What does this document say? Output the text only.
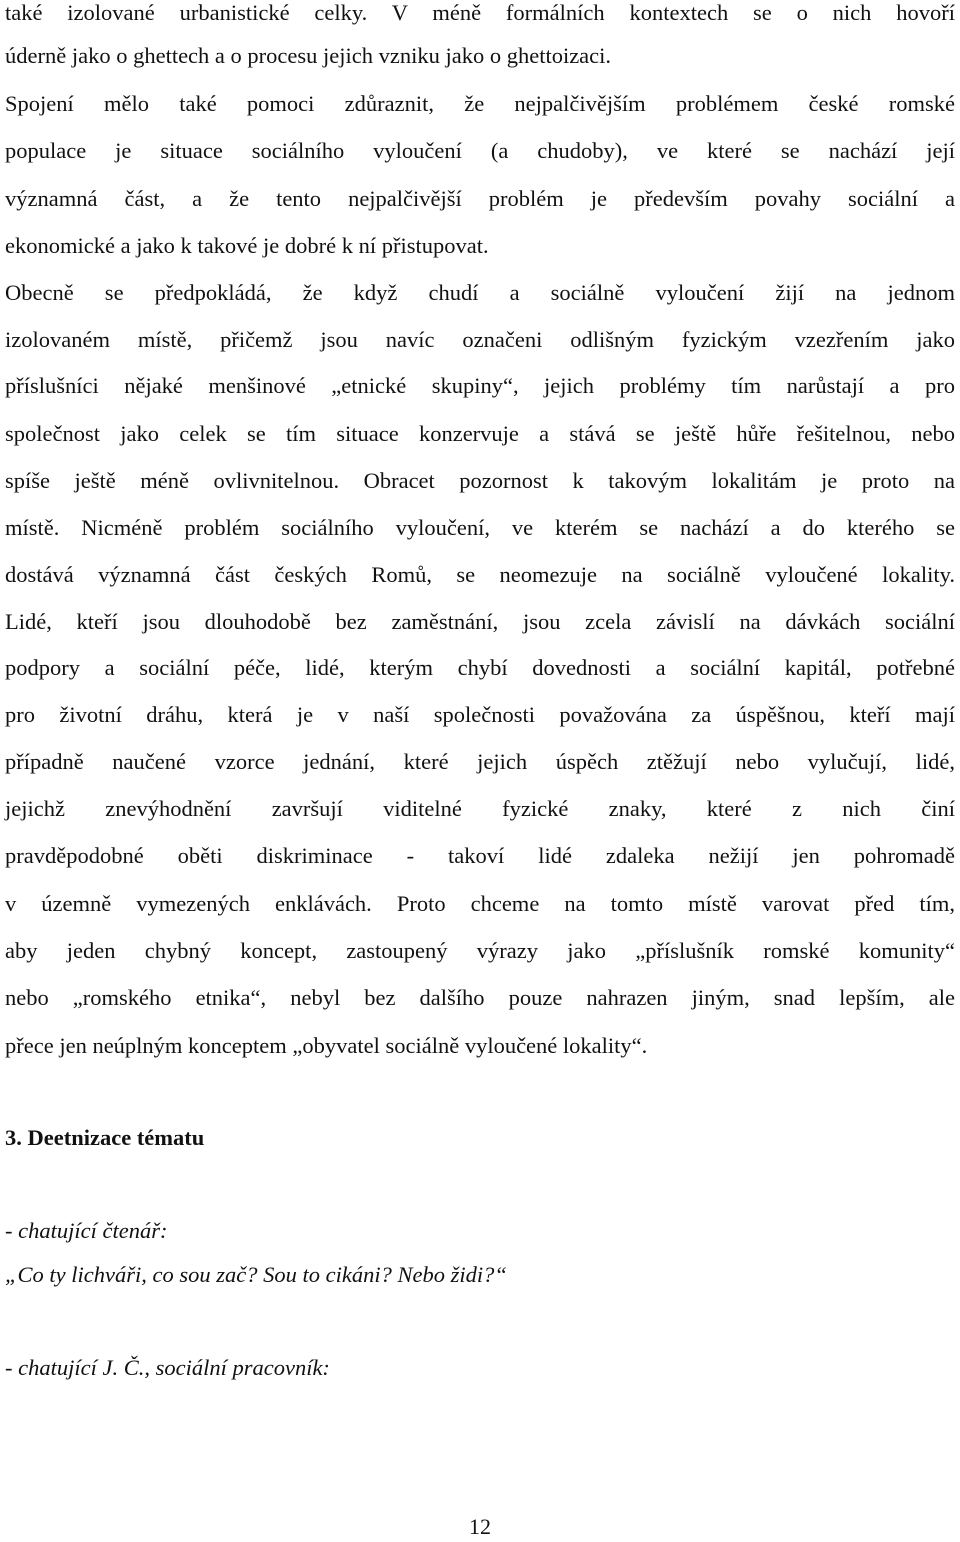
také izolované urbanistické celky. V méně formálních kontextech se o nich hovoří
úderně jako o ghettech a o procesu jejich vzniku jako o ghettoizaci.
Spojení mělo také pomoci zdůraznit, že nejpalčivějším problémem české romské
populace je situace sociálního vyloučení (a chudoby), ve které se nachází její
významná část, a že tento nejpalčivější problém je především povahy sociální a
ekonomické a jako k takové je dobré k ní přistupovat.
Obecně se předpokládá, že když chudí a sociálně vyloučení žijí na jednom
izolovaném místě, přičemž jsou navíc označeni odlišným fyzickým vzezřením jako
příslušníci nějaké menšinové „etnické skupiny“, jejich problémy tím narůstají a pro
společnost jako celek se tím situace konzervuje a stává se ještě hůře řešitelnou, nebo
spíše ještě méně ovlivnitelnou. Obracet pozornost k takovým lokalitám je proto na
místě. Nicméně problém sociálního vyloučení, ve kterém se nachází a do kterého se
dostává významná část českých Romů, se neomezuje na sociálně vyloučené lokality.
Lidé, kteří jsou dlouhodobě bez zaměstnání, jsou zcela závislí na dávkách sociální
podpory a sociální péče, lidé, kterým chybí dovednosti a sociální kapitál, potřebné
pro životní dráhu, která je v naší společnosti považována za úspěšnou, kteří mají
případně naučené vzorce jednání, které jejich úspěch ztěžují nebo vylučují, lidé,
jejichž znevýhodnění završují viditelné fyzické znaky, které z nich činí
pravděpodobné oběti diskriminace - takoví lidé zdaleka nežijí jen pohromadě
v územně vymezených enklávách. Proto chceme na tomto místě varovat před tím,
aby jeden chybný koncept, zastoupený výrazy jako „příslušník romské komunity“
nebo „romského etnika“, nebyl bez dalšího pouze nahrazen jiným, snad lepším, ale
přece jen neúplným konceptem „obyvatel sociálně vyloučené lokality“.
3. Deetnizace tématu
- chatující čtenář:
„Co ty lichváři, co sou zač? Sou to cikáni? Nebo židi?“
- chatující J. Č., sociální pracovník:
12
